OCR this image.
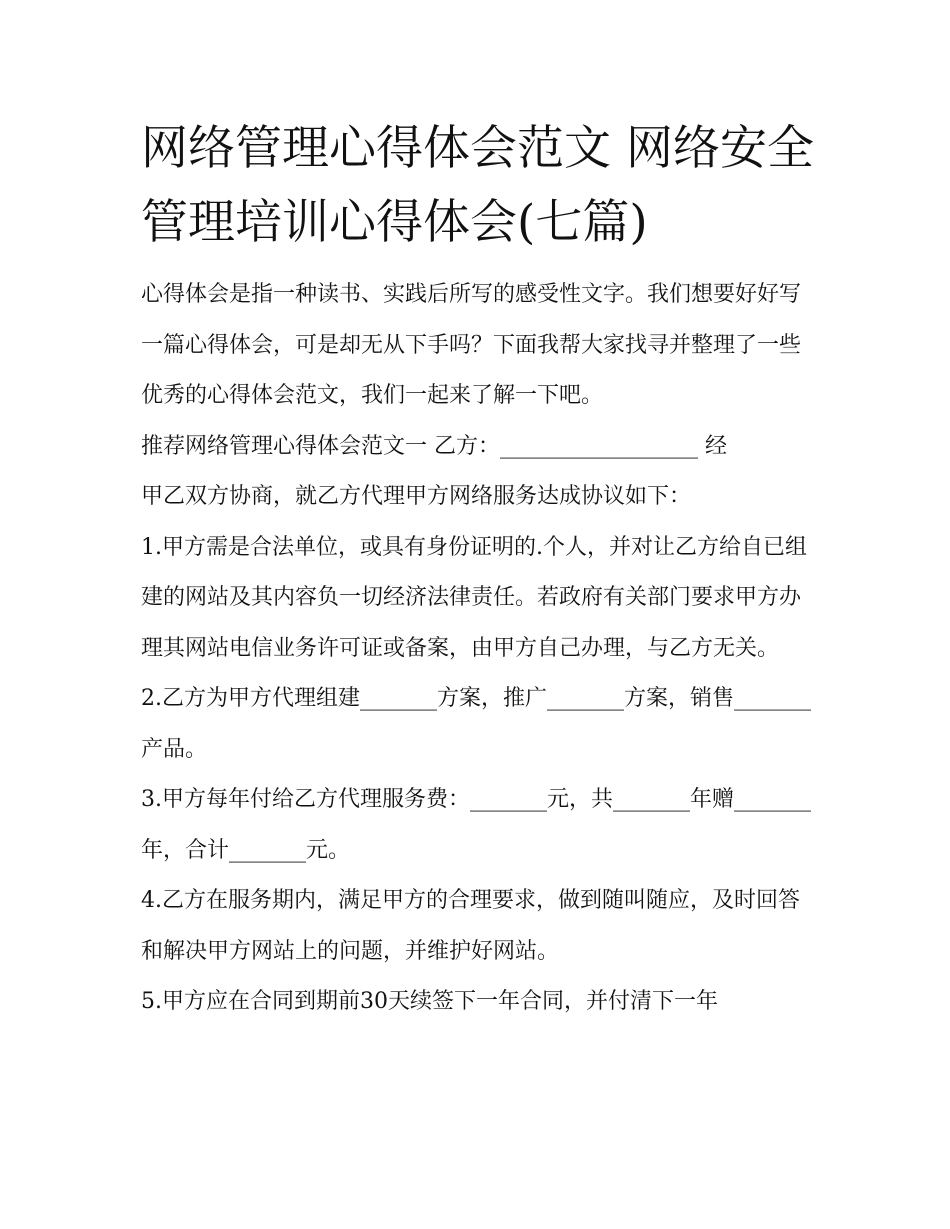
网络管理心得体会范文 网络安全管理培训心得体会(七篇)

心得体会是指一种读书、实践后所写的感受性文字。我们想要好好写一篇心得体会，可是却无从下手吗？下面我帮大家找寻并整理了一些优秀的心得体会范文，我们一起来了解一下吧。

推荐网络管理心得体会范文一 乙方：__________________ 经

甲乙双方协商，就乙方代理甲方网络服务达成协议如下：

1.甲方需是合法单位，或具有身份证明的.个人，并对让乙方给自已组建的网站及其内容负一切经济法律责任。若政府有关部门要求甲方办理其网站电信业务许可证或备案，由甲方自己办理，与乙方无关。

2.乙方为甲方代理组建_______方案，推广_______方案，销售_______产品。

3.甲方每年付给乙方代理服务费：_______元，共_______年赠_______年，合计_______元。

4.乙方在服务期内，满足甲方的合理要求，做到随叫随应，及时回答和解决甲方网站上的问题，并维护好网站。

5.甲方应在合同到期前30天续签下一年合同，并付清下一年
